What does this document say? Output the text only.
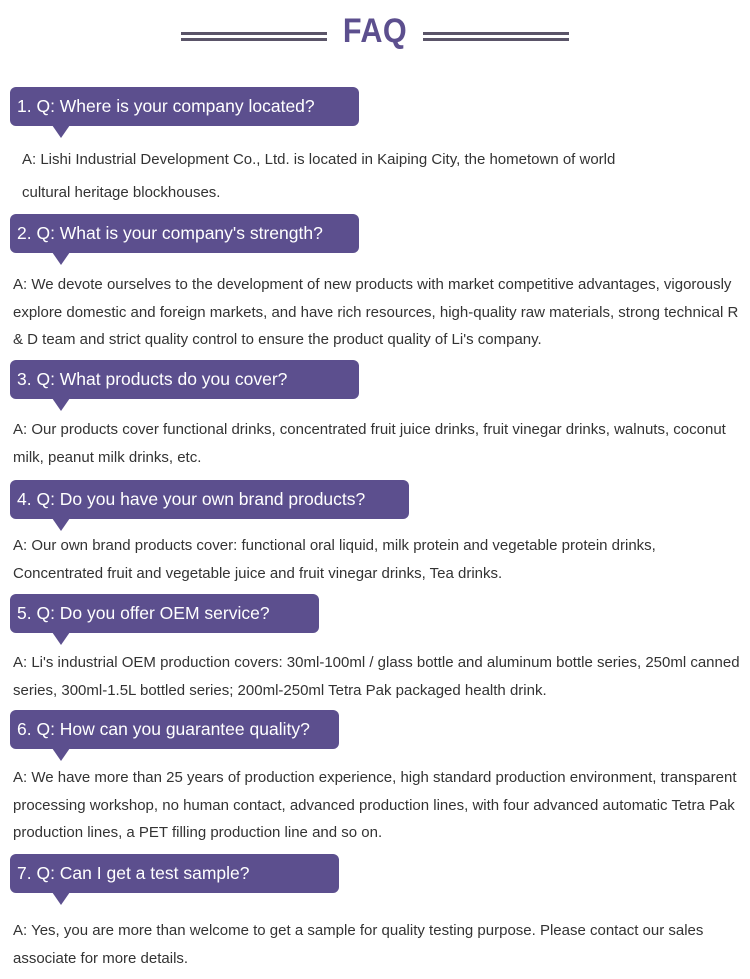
FAQ
1. Q: Where is your company located?
A: Lishi Industrial Development Co., Ltd. is located in Kaiping City, the hometown of world cultural heritage blockhouses.
2. Q: What is your company's strength?
A: We devote ourselves to the development of new products with market competitive advantages, vigorously explore domestic and foreign markets, and have rich resources, high-quality raw materials, strong technical R & D team and strict quality control to ensure the product quality of Li's company.
3. Q: What products do you cover?
A: Our products cover functional drinks, concentrated fruit juice drinks, fruit vinegar drinks, walnuts, coconut milk, peanut milk drinks, etc.
4. Q: Do you have your own brand products?
A: Our own brand products cover: functional oral liquid, milk protein and vegetable protein drinks, Concentrated fruit and vegetable juice and fruit vinegar drinks, Tea drinks.
5. Q: Do you offer OEM service?
A: Li's industrial OEM production covers: 30ml-100ml / glass bottle and aluminum bottle series, 250ml canned series, 300ml-1.5L bottled series; 200ml-250ml Tetra Pak packaged health drink.
6. Q: How can you guarantee quality?
A: We have more than 25 years of production experience, high standard production environment, transparent processing workshop, no human contact, advanced production lines, with four advanced automatic Tetra Pak production lines, a PET filling production line and so on.
7. Q: Can I get a test sample?
A: Yes, you are more than welcome to get a sample for quality testing purpose. Please contact our sales associate for more details.
